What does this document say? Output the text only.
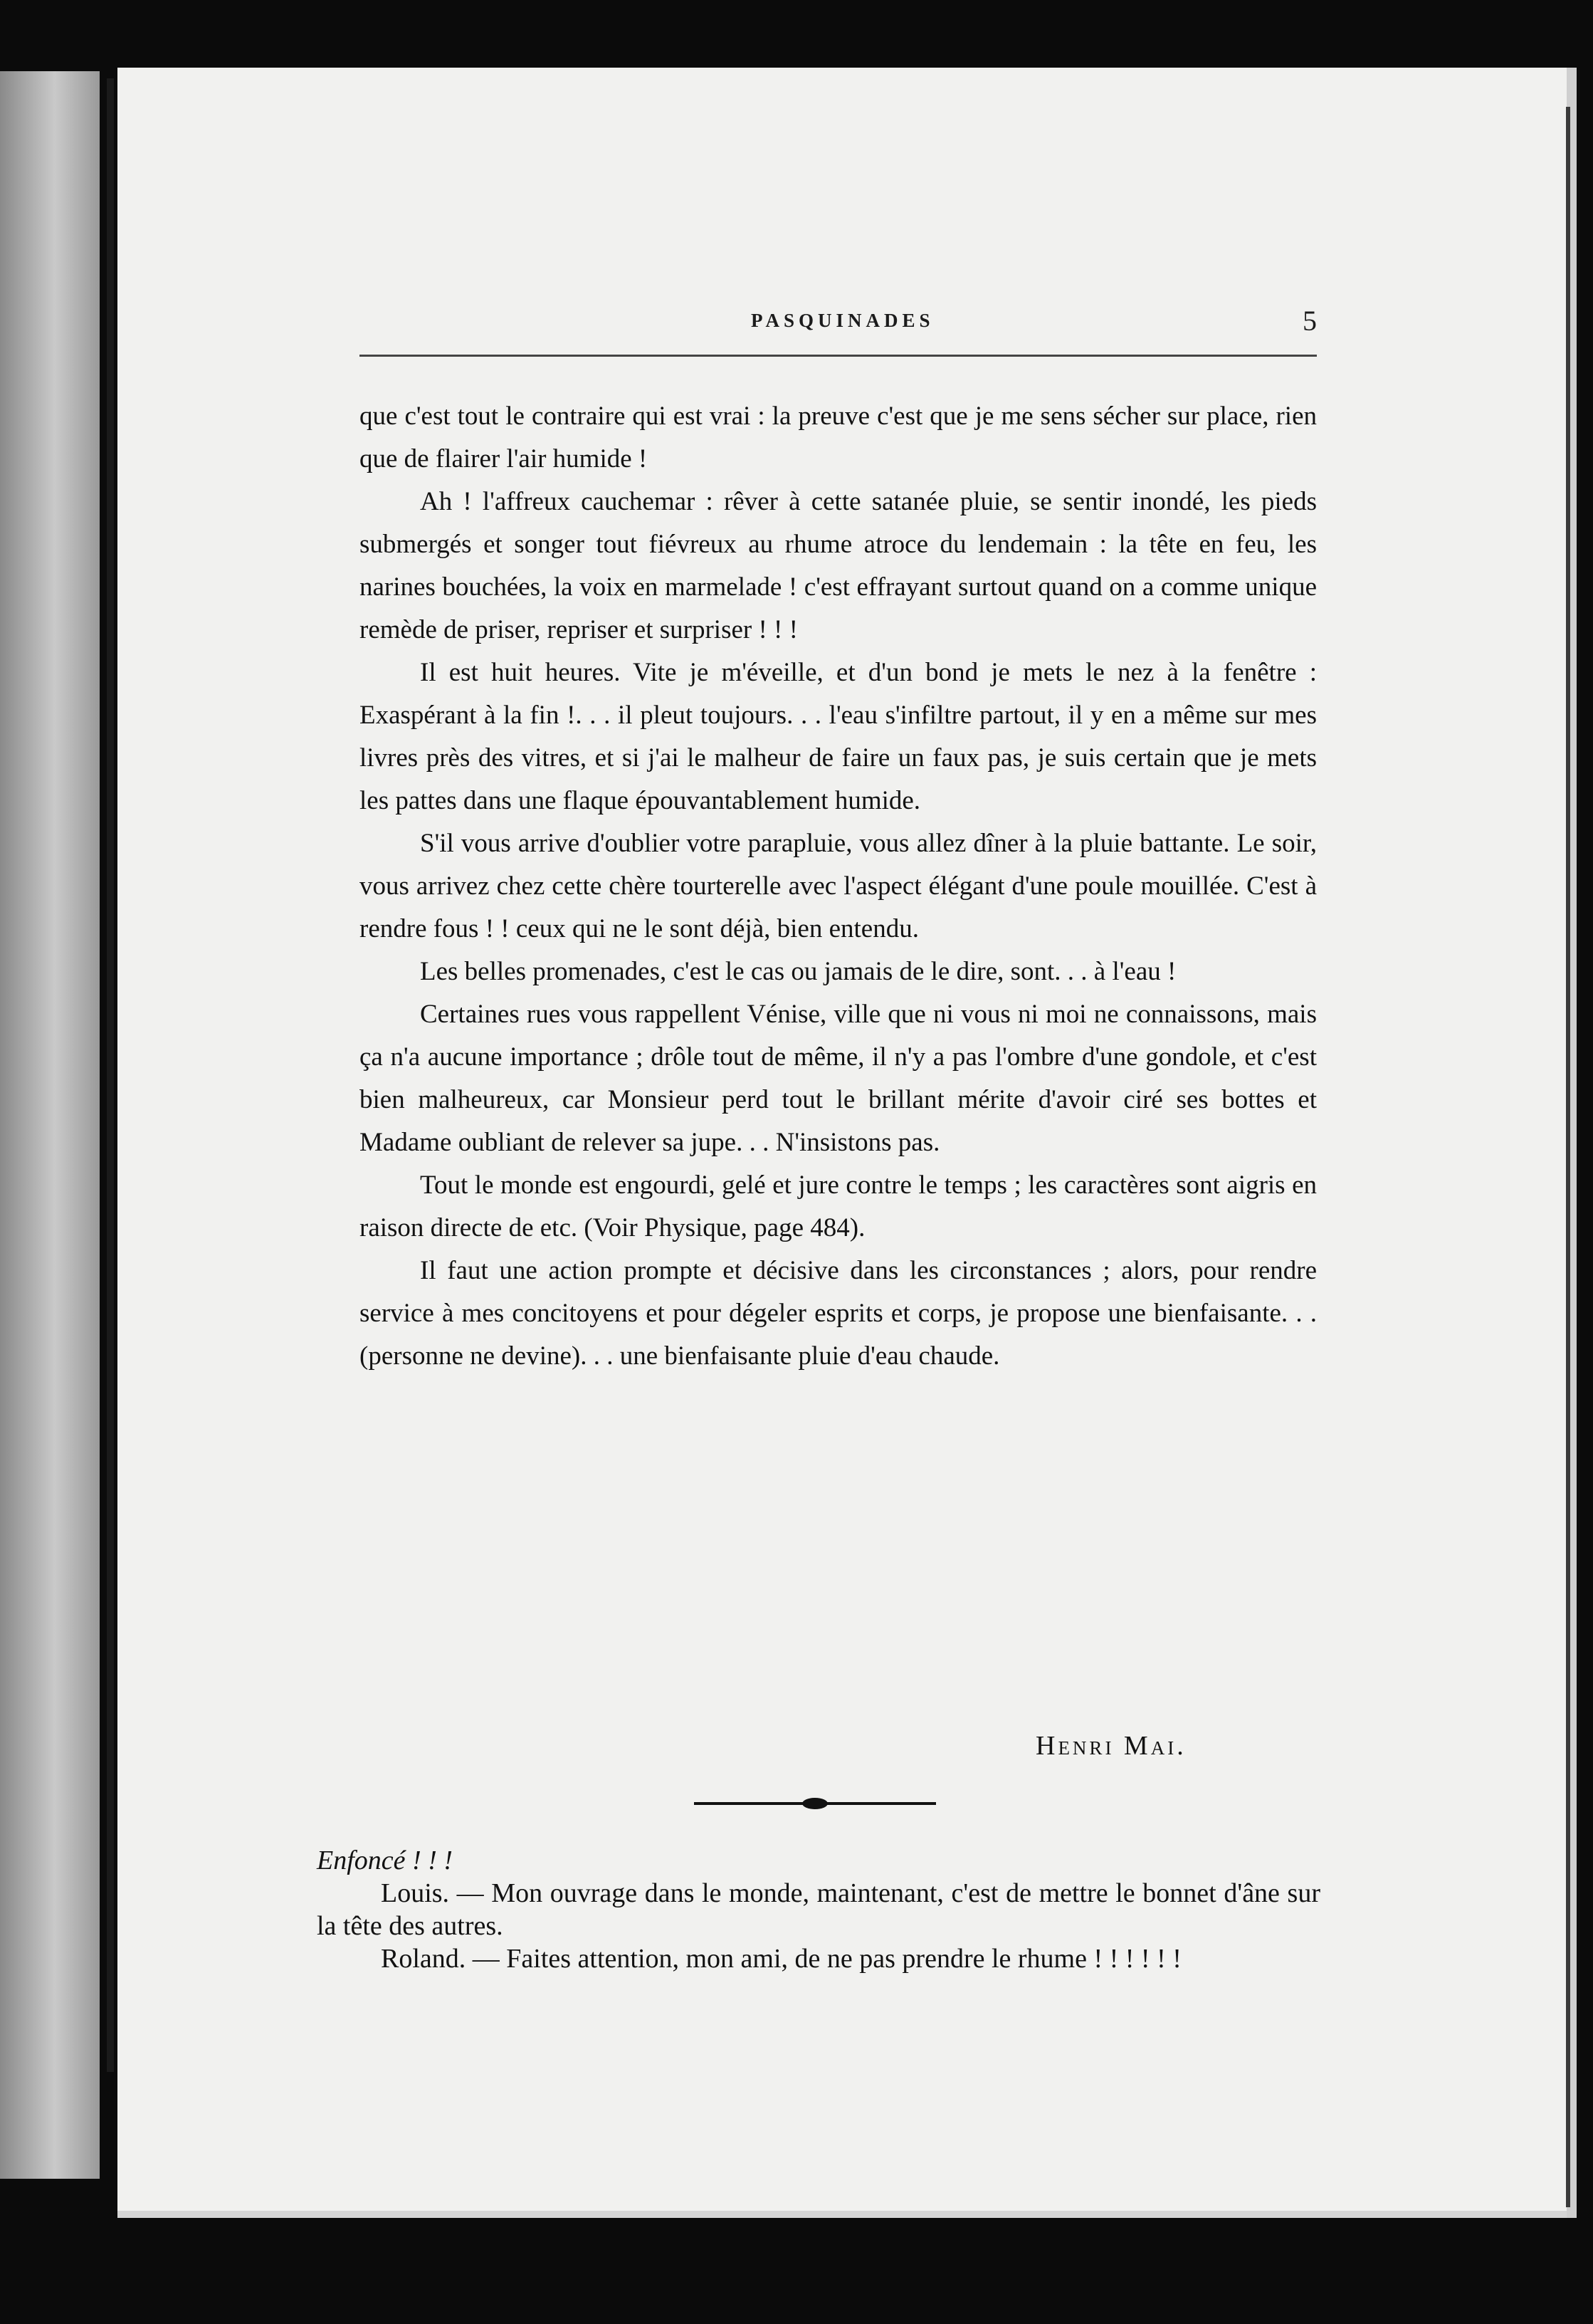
PASQUINADES	5

que c'est tout le contraire qui est vrai : la preuve c'est que je me sens sécher sur place, rien que de flairer l'air humide !

Ah ! l'affreux cauchemar : rêver à cette satanée pluie, se sentir inondé, les pieds submergés et songer tout fiévreux au rhume atroce du lendemain : la tête en feu, les narines bouchées, la voix en marmelade ! c'est effrayant surtout quand on a comme unique remède de priser, repriser et surpriser ! ! !

Il est huit heures. Vite je m'éveille, et d'un bond je mets le nez à la fenêtre : Exaspérant à la fin !. . . il pleut toujours. . . l'eau s'infiltre partout, il y en a même sur mes livres près des vitres, et si j'ai le malheur de faire un faux pas, je suis certain que je mets les pattes dans une flaque épouvantablement humide.

S'il vous arrive d'oublier votre parapluie, vous allez dîner à la pluie battante. Le soir, vous arrivez chez cette chère tourterelle avec l'aspect élégant d'une poule mouillée. C'est à rendre fous ! ! ceux qui ne le sont déjà, bien entendu.

Les belles promenades, c'est le cas ou jamais de le dire, sont. . . à l'eau !

Certaines rues vous rappellent Vénise, ville que ni vous ni moi ne connaissons, mais ça n'a aucune importance ; drôle tout de même, il n'y a pas l'ombre d'une gondole, et c'est bien malheureux, car Monsieur perd tout le brillant mérite d'avoir ciré ses bottes et Madame oubliant de relever sa jupe. . . N'insistons pas.

Tout le monde est engourdi, gelé et jure contre le temps ; les caractères sont aigris en raison directe de etc. (Voir Physique, page 484).

Il faut une action prompte et décisive dans les circonstances ; alors, pour rendre service à mes concitoyens et pour dégeler esprits et corps, je propose une bienfaisante. . . (personne ne devine). . . une bienfaisante pluie d'eau chaude.

Henri Mai.

Enfoncé ! ! !

Louis. — Mon ouvrage dans le monde, maintenant, c'est de mettre le bonnet d'âne sur la tête des autres.

Roland. — Faites attention, mon ami, de ne pas prendre le rhume ! ! ! ! ! !
